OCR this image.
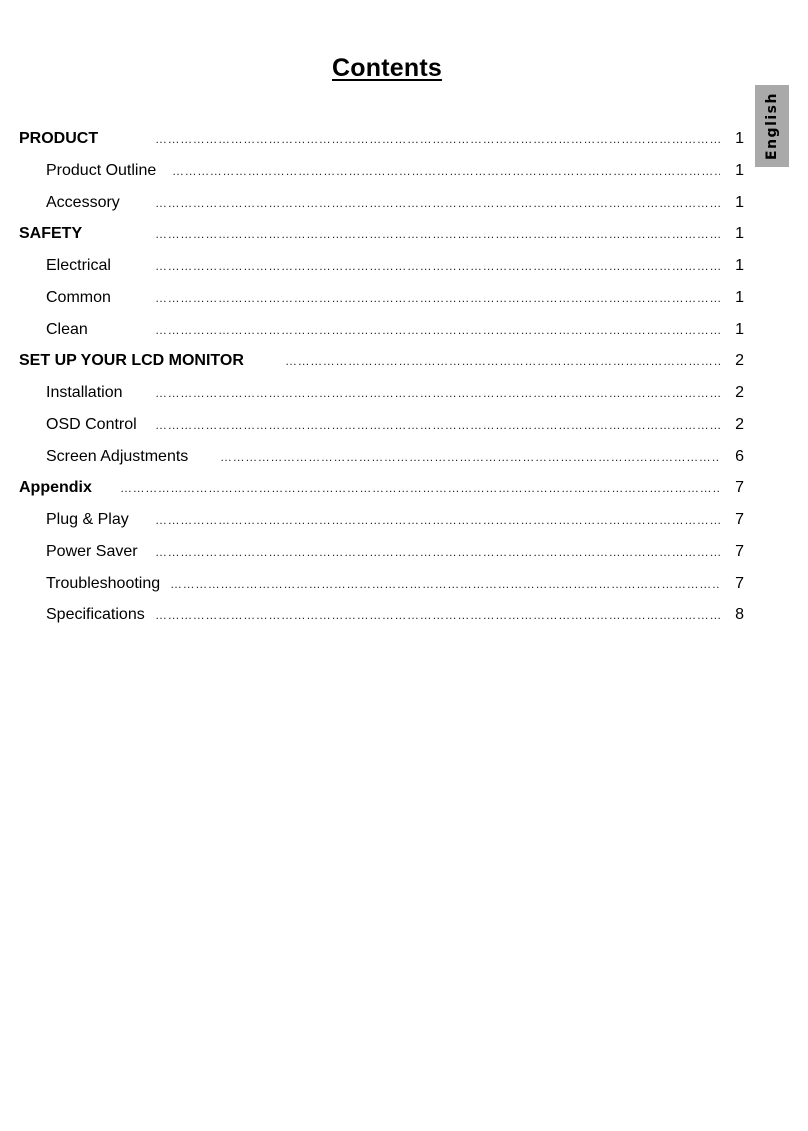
Contents
English
PRODUCT ……………………………………………………………………………………………………………………………………………………………………………………………	1
Product Outline ……………………………………………………………………………………………………………………………………………………………………………………………	1
Accessory ……………………………………………………………………………………………………………………………………………………………………………………………	1
SAFETY ……………………………………………………………………………………………………………………………………………………………………………………………	1
Electrical ……………………………………………………………………………………………………………………………………………………………………………………………	1
Common ……………………………………………………………………………………………………………………………………………………………………………………………	1
Clean ……………………………………………………………………………………………………………………………………………………………………………………………	1
SET UP YOUR LCD MONITOR ……………………………………………………………………………………………………………………………………………………………………………………………	2
Installation ……………………………………………………………………………………………………………………………………………………………………………………………	2
OSD Control ……………………………………………………………………………………………………………………………………………………………………………………………	2
Screen Adjustments ……………………………………………………………………………………………………………………………………………………………………………………………	6
Appendix ……………………………………………………………………………………………………………………………………………………………………………………………	7
Plug & Play ……………………………………………………………………………………………………………………………………………………………………………………………	7
Power Saver ……………………………………………………………………………………………………………………………………………………………………………………………	7
Troubleshooting ……………………………………………………………………………………………………………………………………………………………………………………………	7
Specifications ……………………………………………………………………………………………………………………………………………………………………………………………	8
